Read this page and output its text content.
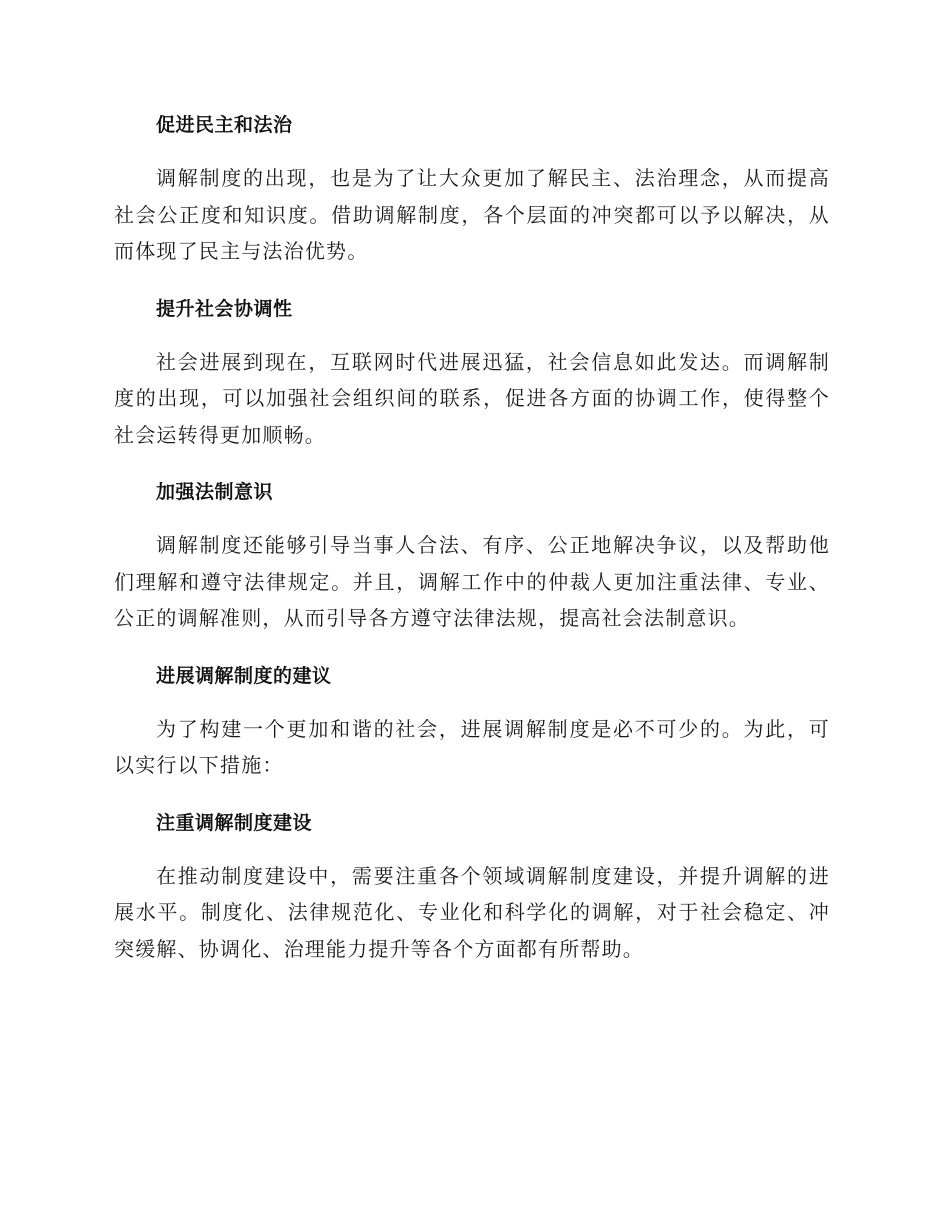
促进民主和法治

调解制度的出现，也是为了让大众更加了解民主、法治理念，从而提高社会公正度和知识度。借助调解制度，各个层面的冲突都可以予以解决，从而体现了民主与法治优势。

提升社会协调性

社会进展到现在，互联网时代进展迅猛，社会信息如此发达。而调解制度的出现，可以加强社会组织间的联系，促进各方面的协调工作，使得整个社会运转得更加顺畅。

加强法制意识

调解制度还能够引导当事人合法、有序、公正地解决争议，以及帮助他们理解和遵守法律规定。并且，调解工作中的仲裁人更加注重法律、专业、公正的调解准则，从而引导各方遵守法律法规，提高社会法制意识。

进展调解制度的建议

为了构建一个更加和谐的社会，进展调解制度是必不可少的。为此，可以实行以下措施：

注重调解制度建设

在推动制度建设中，需要注重各个领域调解制度建设，并提升调解的进展水平。制度化、法律规范化、专业化和科学化的调解，对于社会稳定、冲突缓解、协调化、治理能力提升等各个方面都有所帮助。
